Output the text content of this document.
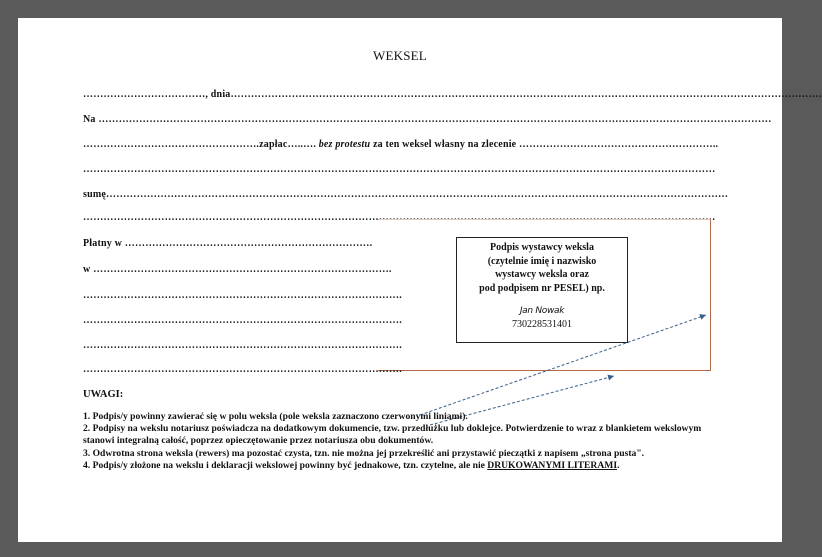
WEKSEL
………………………………, dnia…………………………………………………………………………………………………………………………………………………………
Na ………………………………………………………………………………………………………………………………………………………………………………
…………………………………………….zapłac…..…. bez protestu za ten weksel własny na zlecenie …………………………………………………..
……………………………………………………………………………………………………………………………………………………………………
sumę…………………………………………………………………………………………………………………………………………………………………
……………………………………………………………………………………………………………………………………………………………………
Płatny w ……………………………………………………………….
w …………………………………………………………………………….
………………………………………………………………………………….
………………………………………………………………………………….
………………………………………………………………………………….
………………………………………………………………………………….
Podpis wystawcy weksla
(czytelnie imię i nazwisko
wystawcy weksla oraz
pod podpisem nr PESEL) np.
Jan Nowak
730228531401
UWAGI:
1. Podpis/y powinny zawierać się w polu weksla (pole weksla zaznaczono czerwonymi liniami).
2. Podpisy na wekslu notariusz poświadcza na dodatkowym dokumencie, tzw. przedłużku lub doklejce. Potwierdzenie to wraz z blankietem wekslowym stanowi integralną całość, poprzez opieczętowanie przez notariusza obu dokumentów.
3. Odwrotna strona weksla (rewers) ma pozostać czysta, tzn. nie można jej przekreślić ani przystawić pieczątki z napisem „strona pusta".
4. Podpis/y złożone na wekslu i deklaracji wekslowej powinny być jednakowe, tzn. czytelne, ale nie DRUKOWANYMI LITERAMI.
